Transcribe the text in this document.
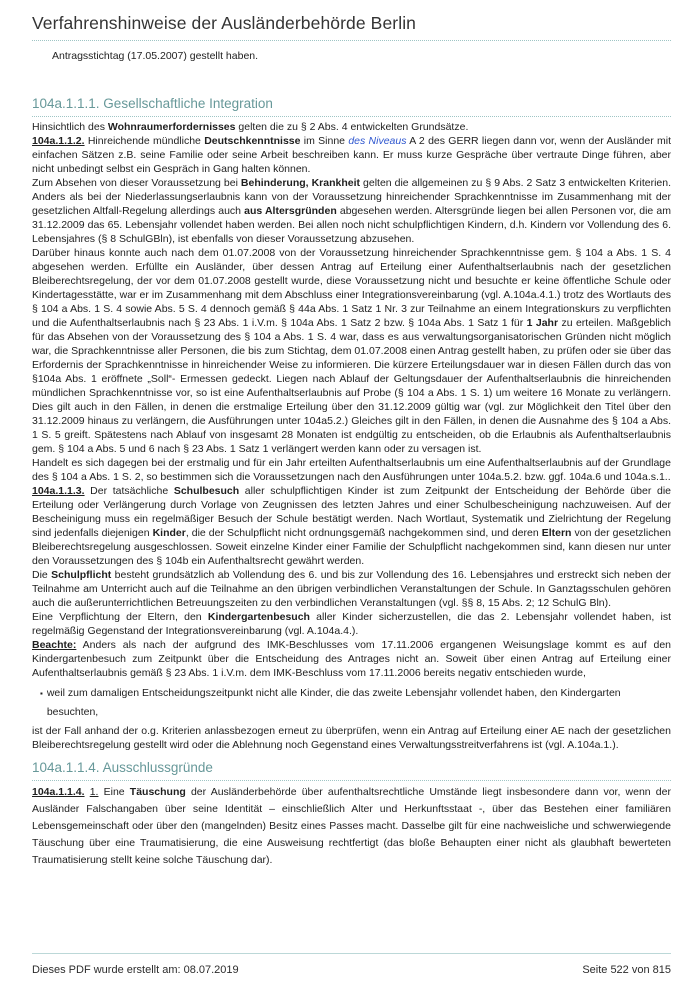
Verfahrenshinweise der Ausländerbehörde Berlin

Antragsstichtag (17.05.2007) gestellt haben.

104a.1.1.1. Gesellschaftliche Integration

Hinsichtlich des Wohnraumerfordernisses gelten die zu § 2 Abs. 4 entwickelten Grundsätze.

104a.1.1.2. Hinreichende mündliche Deutschkenntnisse im Sinne des Niveaus A 2 des GERR liegen dann vor, wenn der Ausländer mit einfachen Sätzen z.B. seine Familie oder seine Arbeit beschreiben kann. Er muss kurze Gespräche über vertraute Dinge führen, aber nicht unbedingt selbst ein Gespräch in Gang halten können.

Zum Absehen von dieser Voraussetzung bei Behinderung, Krankheit gelten die allgemeinen zu § 9 Abs. 2 Satz 3 entwickelten Kriterien. Anders als bei der Niederlassungserlaubnis kann von der Voraussetzung hinreichender Sprachkenntnisse im Zusammenhang mit der gesetzlichen Altfall-Regelung allerdings auch aus Altersgründen abgesehen werden. Altersgründe liegen bei allen Personen vor, die am 31.12.2009 das 65. Lebensjahr vollendet haben werden. Bei allen noch nicht schulpflichtigen Kindern, d.h. Kindern vor Vollendung des 6. Lebensjahres (§ 8 SchulGBln), ist ebenfalls von dieser Voraussetzung abzusehen.

Darüber hinaus konnte auch nach dem 01.07.2008 von der Voraussetzung hinreichender Sprachkenntnisse gem. § 104 a Abs. 1 S. 4 abgesehen werden. Erfüllte ein Ausländer, über dessen Antrag auf Erteilung einer Aufenthaltserlaubnis nach der gesetzlichen Bleiberechtsregelung, der vor dem 01.07.2008 gestellt wurde, diese Voraussetzung nicht und besuchte er keine öffentliche Schule oder Kindertagesstätte, war er im Zusammenhang mit dem Abschluss einer Integrationsvereinbarung (vgl. A.104a.4.1.) trotz des Wortlauts des § 104 a Abs. 1 S. 4 sowie Abs. 5 S. 4 dennoch gemäß § 44a Abs. 1 Satz 1 Nr. 3 zur Teilnahme an einem Integrationskurs zu verpflichten und die Aufenthaltserlaubnis nach § 23 Abs. 1 i.V.m. § 104a Abs. 1 Satz 2 bzw. § 104a Abs. 1 Satz 1 für 1 Jahr zu erteilen. Maßgeblich für das Absehen von der Voraussetzung des § 104 a Abs. 1 S. 4 war, dass es aus verwaltungsorganisatorischen Gründen nicht möglich war, die Sprachkenntnisse aller Personen, die bis zum Stichtag, dem 01.07.2008 einen Antrag gestellt haben, zu prüfen oder sie über das Erfordernis der Sprachkenntnisse in hinreichender Weise zu informieren. Die kürzere Erteilungsdauer war in diesen Fällen durch das von §104a Abs. 1 eröffnete „Soll“- Ermessen gedeckt. Liegen nach Ablauf der Geltungsdauer der Aufenthaltserlaubnis die hinreichenden mündlichen Sprachkenntnisse vor, so ist eine Aufenthaltserlaubnis auf Probe (§ 104 a Abs. 1 S. 1) um weitere 16 Monate zu verlängern. Dies gilt auch in den Fällen, in denen die erstmalige Erteilung über den 31.12.2009 gültig war (vgl. zur Möglichkeit den Titel über den 31.12.2009 hinaus zu verlängern, die Ausführungen unter 104a5.2.) Gleiches gilt in den Fällen, in denen die Ausnahme des § 104 a Abs. 1 S. 5 greift. Spätestens nach Ablauf von insgesamt 28 Monaten ist endgültig zu entscheiden, ob die Erlaubnis als Aufenthaltserlaubnis gem. § 104 a Abs. 5 und 6 nach § 23 Abs. 1 Satz 1 verlängert werden kann oder zu versagen ist.

Handelt es sich dagegen bei der erstmalig und für ein Jahr erteilten Aufenthaltserlaubnis um eine Aufenthaltserlaubnis auf der Grundlage des § 104 a Abs. 1 S. 2, so bestimmen sich die Voraussetzungen nach den Ausführungen unter 104a.5.2. bzw. ggf. 104a.6 und 104a.s.1..

104a.1.1.3. Der tatsächliche Schulbesuch aller schulpflichtigen Kinder ist zum Zeitpunkt der Entscheidung der Behörde über die Erteilung oder Verlängerung durch Vorlage von Zeugnissen des letzten Jahres und einer Schulbescheinigung nachzuweisen. Auf der Bescheinigung muss ein regelmäßiger Besuch der Schule bestätigt werden. Nach Wortlaut, Systematik und Zielrichtung der Regelung sind jedenfalls diejenigen Kinder, die der Schulpflicht nicht ordnungsgemäß nachgekommen sind, und deren Eltern von der gesetzlichen Bleiberechtsregelung ausgeschlossen. Soweit einzelne Kinder einer Familie der Schulpflicht nachgekommen sind, kann diesen nur unter den Voraussetzungen des § 104b ein Aufenthaltsrecht gewährt werden.

Die Schulpflicht besteht grundsätzlich ab Vollendung des 6. und bis zur Vollendung des 16. Lebensjahres und erstreckt sich neben der Teilnahme am Unterricht auch auf die Teilnahme an den übrigen verbindlichen Veranstaltungen der Schule. In Ganztagsschulen gehören auch die außerunterrichtlichen Betreuungszeiten zu den verbindlichen Veranstaltungen (vgl. §§ 8, 15 Abs. 2; 12 SchulG Bln).

Eine Verpflichtung der Eltern, den Kindergartenbesuch aller Kinder sicherzustellen, die das 2. Lebensjahr vollendet haben, ist regelmäßig Gegenstand der Integrationsvereinbarung (vgl. A.104a.4.).

Beachte: Anders als nach der aufgrund des IMK-Beschlusses vom 17.11.2006 ergangenen Weisungslage kommt es auf den Kindergartenbesuch zum Zeitpunkt über die Entscheidung des Antrages nicht an. Soweit über einen Antrag auf Erteilung einer Aufenthaltserlaubnis gemäß § 23 Abs. 1 i.V.m. dem IMK-Beschluss vom 17.11.2006 bereits negativ entschieden wurde,

▪ weil zum damaligen Entscheidungszeitpunkt nicht alle Kinder, die das zweite Lebensjahr vollendet haben, den Kindergarten besuchten,

ist der Fall anhand der o.g. Kriterien anlassbezogen erneut zu überprüfen, wenn ein Antrag auf Erteilung einer AE nach der gesetzlichen Bleiberechtsregelung gestellt wird oder die Ablehnung noch Gegenstand eines Verwaltungsstreitverfahrens ist (vgl. A.104a.1.).

104a.1.1.4. Ausschlussgründe

104a.1.1.4. 1. Eine Täuschung der Ausländerbehörde über aufenthaltsrechtliche Umstände liegt insbesondere dann vor, wenn der Ausländer Falschangaben über seine Identität – einschließlich Alter und Herkunftsstaat -, über das Bestehen einer familiären Lebensgemeinschaft oder über den (mangelnden) Besitz eines Passes macht. Dasselbe gilt für eine nachweisliche und schwerwiegende Täuschung über eine Traumatisierung, die eine Ausweisung rechtfertigt (das bloße Behaupten einer nicht als glaubhaft bewerteten Traumatisierung stellt keine solche Täuschung dar).

Dieses PDF wurde erstellt am: 08.07.2019	Seite 522 von 815
